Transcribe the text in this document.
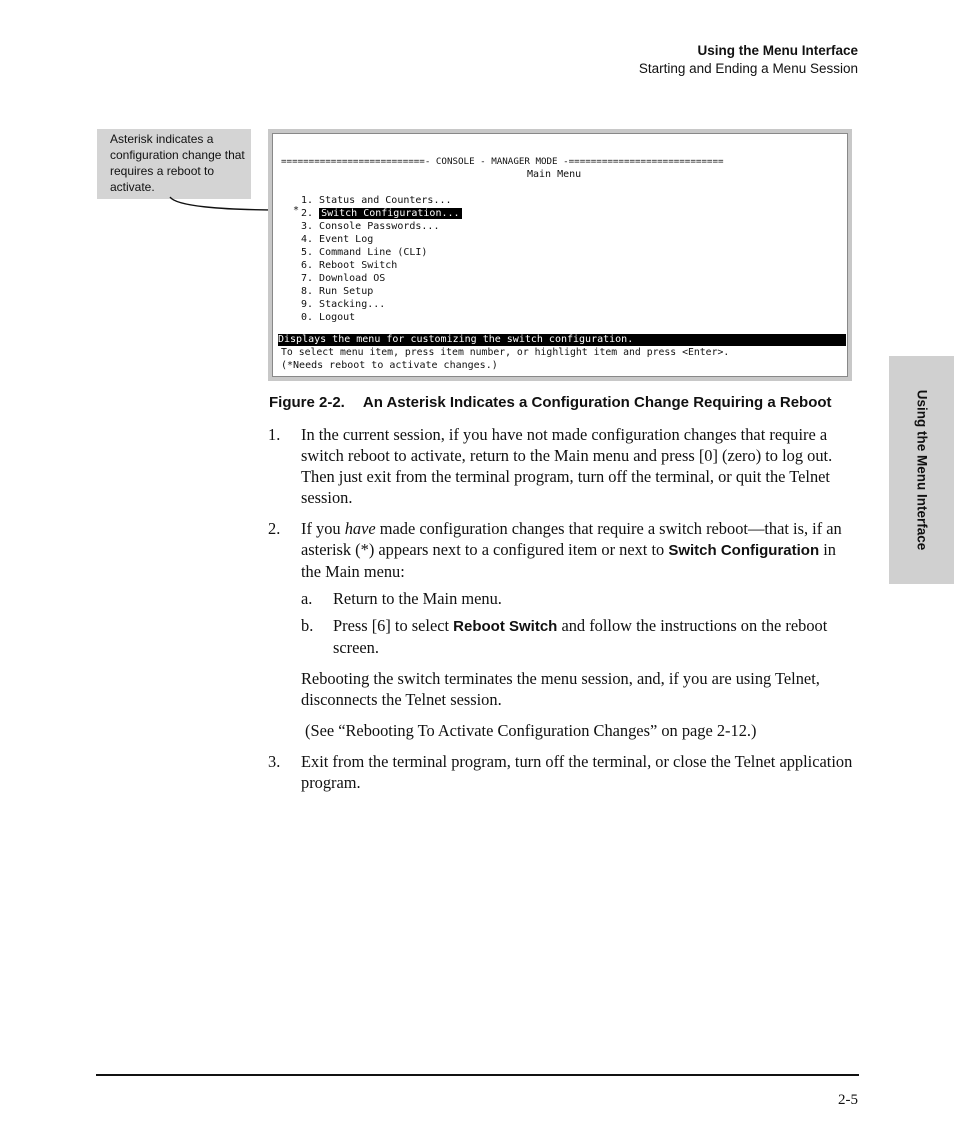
Using the Menu Interface
Starting and Ending a Menu Session
Using the Menu Interface
Asterisk indicates a configuration change that requires a reboot to activate.
==========================- CONSOLE - MANAGER MODE -============================
Main Menu
*
1. Status and Counters...
2. Switch Configuration...
3. Console Passwords...
4. Event Log
5. Command Line (CLI)
6. Reboot Switch
7. Download OS
8. Run Setup
9. Stacking...
0. Logout
Displays the menu for customizing the switch configuration.
To select menu item, press item number, or highlight item and press <Enter>.
(*Needs reboot to activate changes.)
Figure 2-2. An Asterisk Indicates a Configuration Change Requiring a Reboot
1. In the current session, if you have not made configuration changes that require a switch reboot to activate, return to the Main menu and press [0] (zero) to log out. Then just exit from the terminal program, turn off the terminal, or quit the Telnet session.
2. If you have made configuration changes that require a switch reboot—that is, if an asterisk (*) appears next to a configured item or next to Switch Configuration in the Main menu:
a. Return to the Main menu.
b. Press [6] to select Reboot Switch and follow the instructions on the reboot screen.
Rebooting the switch terminates the menu session, and, if you are using Telnet, disconnects the Telnet session.
(See “Rebooting To Activate Configuration Changes” on page 2-12.)
3. Exit from the terminal program, turn off the terminal, or close the Telnet application program.
2-5
